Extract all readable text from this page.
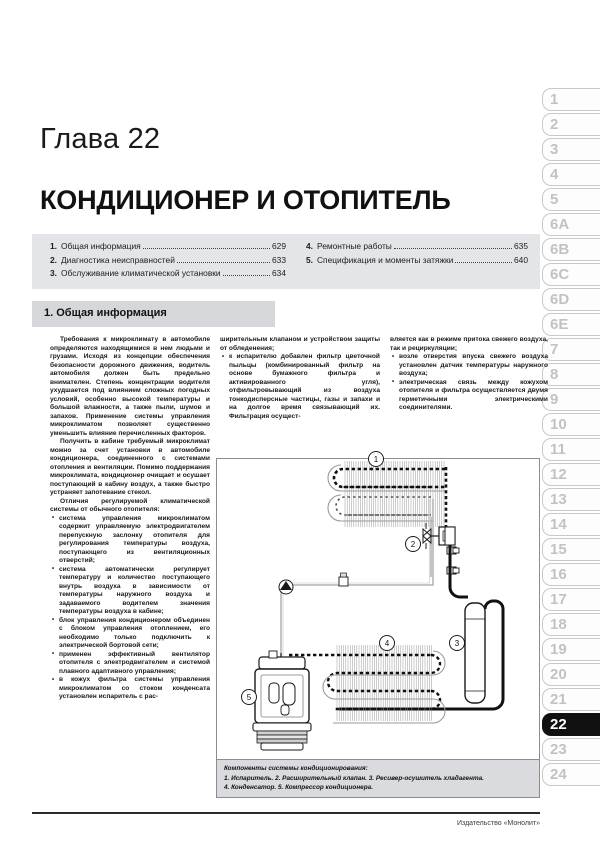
1
2
3
4
5
6A
6B
6C
6D
6E
7
8
9
10
11
12
13
14
15
16
17
18
19
20
21
22
23
24
Глава 22
КОНДИЦИОНЕР И ОТОПИТЕЛЬ
1. Общая информация	629
2. Диагностика неисправностей	633
3. Обслуживание климатической установки	634
4. Ремонтные работы	635
5. Спецификация и моменты затяжки	640
1. Общая информация

Требования к микроклимату в автомобиле определяются находящимися в нем людьми и грузами. Исходя из концепции обеспечения безопасности дорожного движения, водитель автомобиля должен быть предельно внимателен. Степень концентрации водителя ухудшается под влиянием сложных погодных условий, особенно высокой температуры и большой влажности, а также пыли, шумов и запахов. Применение системы управления микроклиматом позволяет существенно уменьшить влияние перечисленных факторов.

Получить в кабине требуемый микроклимат можно за счет установки в автомобиле кондиционера, соединенного с системами отопления и вентиляции. Помимо поддержания микроклимата, кондиционер очищает и осушает поступающий в кабину воздух, а также быстро устраняет запотевание стекол.

Отличия регулируемой климатической системы от обычного отопителя:

• система управления микроклиматом содержит управляемую электродвигателем перепускную заслонку отопителя для регулирования температуры воздуха, поступающего из вентиляционных отверстий;

• система автоматически регулирует температуру и количество поступающего внутрь воздуха в зависимости от температуры наружного воздуха и задаваемого водителем значения температуры воздуха в кабине;

• блок управления кондиционером объединен с блоком управления отоплением, его необходимо только подключить к электрической бортовой сети;

• применен эффективный вентилятор отопителя с электродвигателем и системой плавного адаптивного управления;

• в кожух фильтра системы управления микроклиматом со стоком конденсата установлен испаритель с рас-

ширительным клапаном и устройством защиты от обледенения;

• к испарителю добавлен фильтр цветочной пыльцы (комбинированный фильтр на основе бумажного фильтра и активированного угля), отфильтровывающий из воздуха тонкодисперсные частицы, газы и запахи и на долгое время связывающий их. Фильтрация осущест-

вляется как в режиме притока свежего воздуха, так и рециркуляции;

• возле отверстия впуска свежего воздуха установлен датчик температуры наружного воздуха;

• электрическая связь между кожухом отопителя и фильтра осуществляется двумя герметичными электрическими соединителями.

1
2
3
4
5
Компоненты системы кондиционирования:
1. Испаритель. 2. Расширительный клапан. 3. Ресивер-осушитель хладагента.
4. Конденсатор. 5. Компрессор кондиционера.
Издательство «Монолит»
